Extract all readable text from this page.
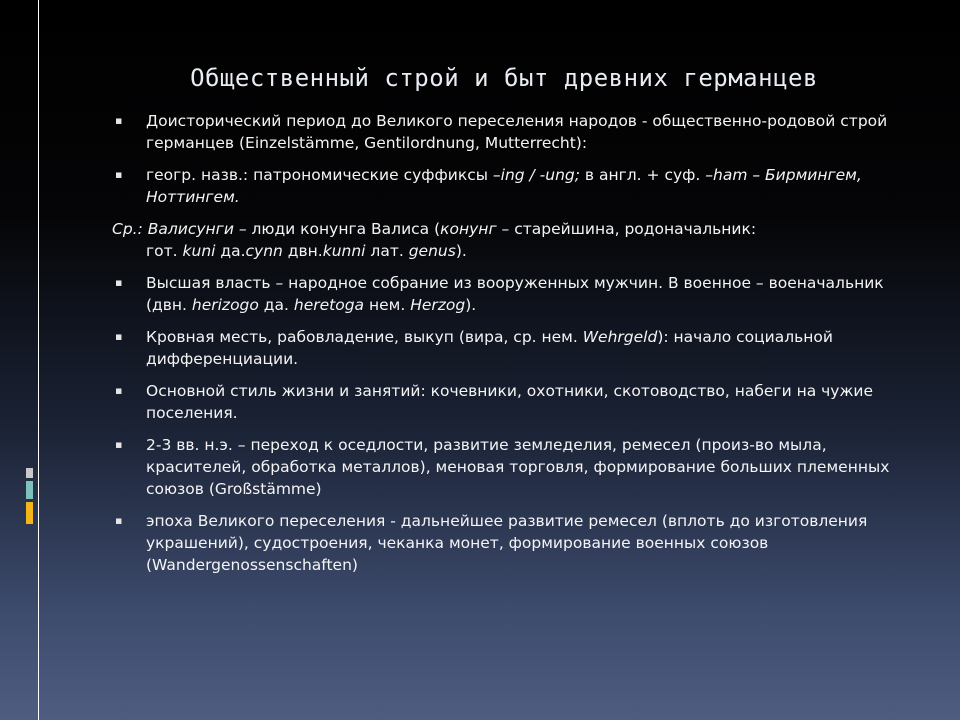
Общественный строй и быт древних германцев
▪ Доисторический период до Великого переселения народов - общественно-родовой строй германцев (Einzelstämme, Gentilordnung, Mutterrecht):
▪ геогр. назв.: патрономические суффиксы –ing / -ung; в англ. + суф. –ham – Бирмингем, Ноттингем.
Ср.: Валисунги – люди конунга Валиса (конунг – старейшина, родоначальник:
гот. kuni да.cynn двн.kunni лат. genus).
▪ Высшая власть – народное собрание из вооруженных мужчин. В военное – военачальник (двн. herizogo да. heretoga нем. Herzog).
▪ Кровная месть, рабовладение, выкуп (вира, ср. нем. Wehrgeld): начало социальной дифференциации.
▪ Основной стиль жизни и занятий: кочевники, охотники, скотоводство, набеги на чужие поселения.
▪ 2-3 вв. н.э. – переход к оседлости, развитие земледелия, ремесел (произ-во мыла, красителей, обработка металлов), меновая торговля, формирование больших племенных союзов (Großstämme)
▪ эпоха Великого переселения - дальнейшее развитие ремесел (вплоть до изготовления украшений), судостроения, чеканка монет, формирование военных союзов (Wandergenossenschaften)
